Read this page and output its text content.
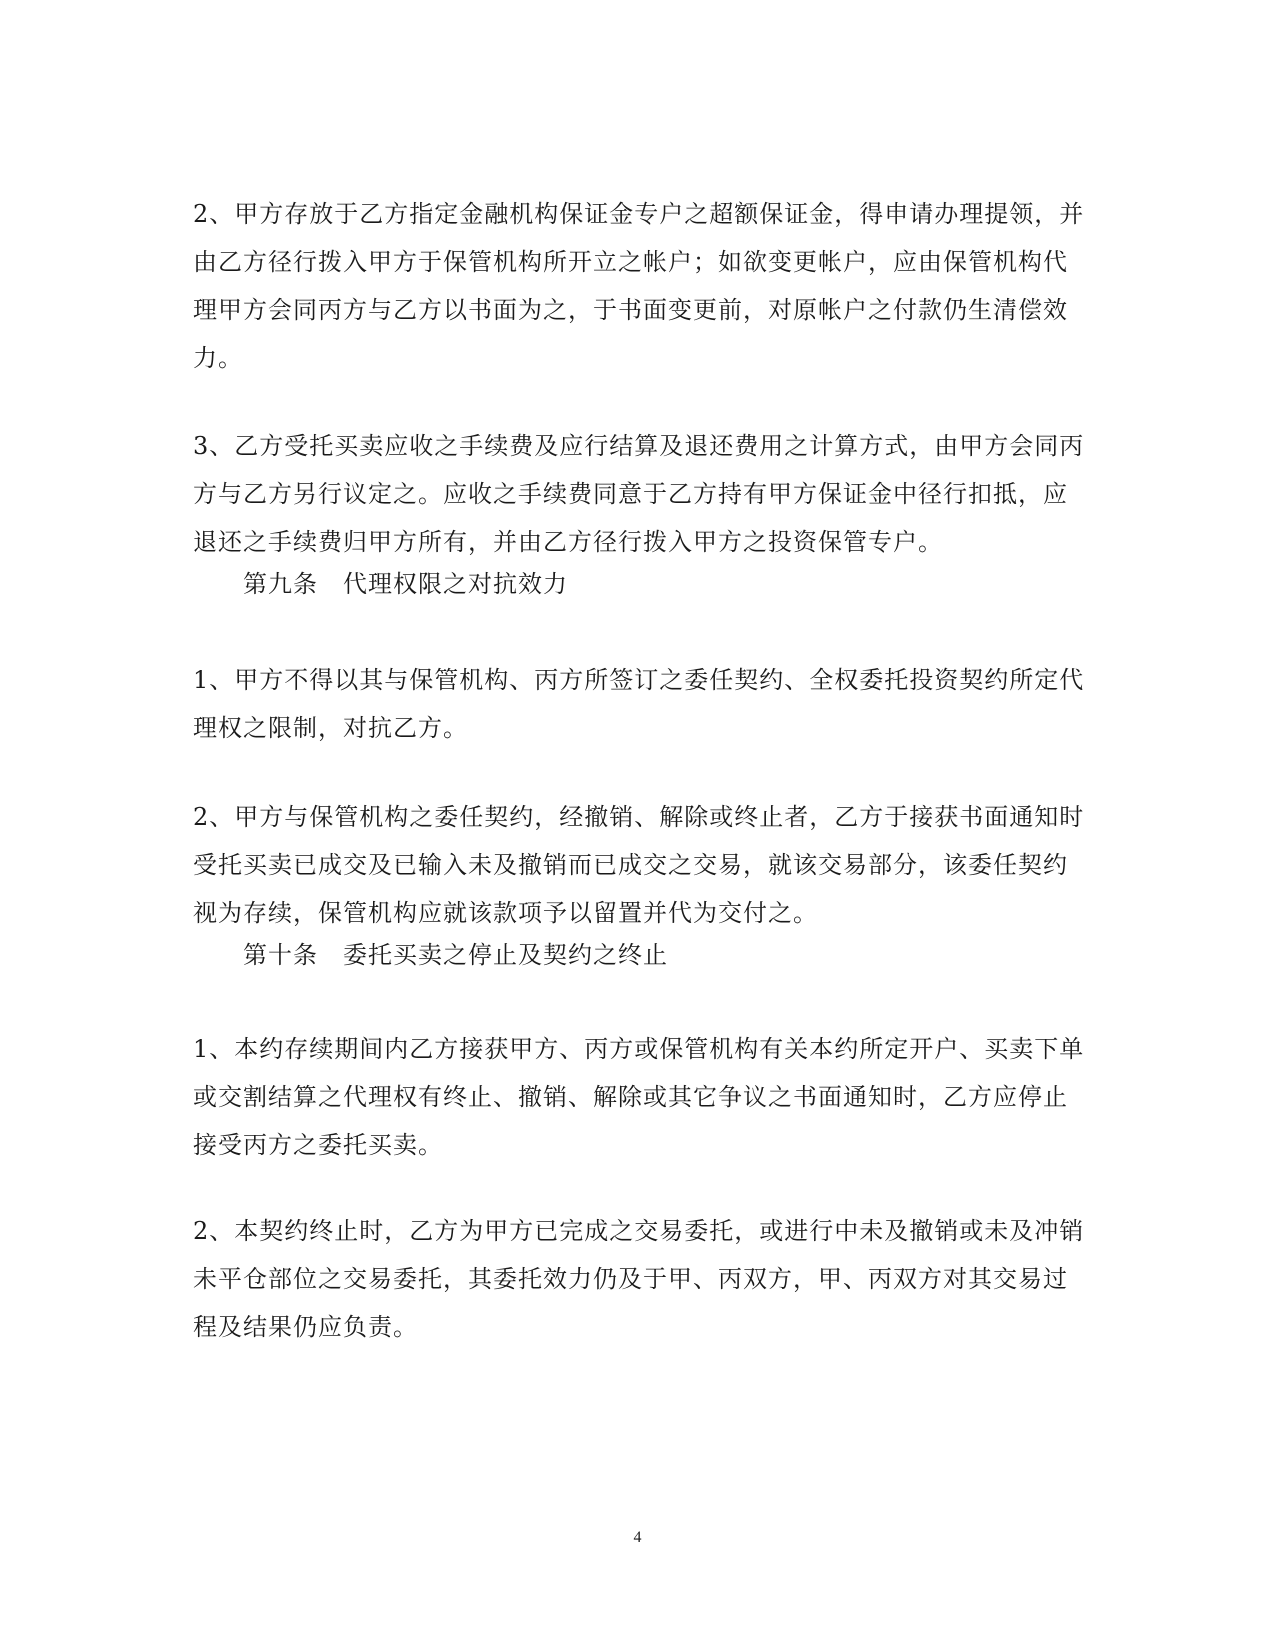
2、甲方存放于乙方指定金融机构保证金专户之超额保证金，得申请办理提领，并
由乙方径行拨入甲方于保管机构所开立之帐户；如欲变更帐户，应由保管机构代
理甲方会同丙方与乙方以书面为之，于书面变更前，对原帐户之付款仍生清偿效
力。
3、乙方受托买卖应收之手续费及应行结算及退还费用之计算方式，由甲方会同丙
方与乙方另行议定之。应收之手续费同意于乙方持有甲方保证金中径行扣抵，应
退还之手续费归甲方所有，并由乙方径行拨入甲方之投资保管专户。
第九条　代理权限之对抗效力
1、甲方不得以其与保管机构、丙方所签订之委任契约、全权委托投资契约所定代
理权之限制，对抗乙方。
2、甲方与保管机构之委任契约，经撤销、解除或终止者，乙方于接获书面通知时
受托买卖已成交及已输入未及撤销而已成交之交易，就该交易部分，该委任契约
视为存续，保管机构应就该款项予以留置并代为交付之。
第十条　委托买卖之停止及契约之终止
1、本约存续期间内乙方接获甲方、丙方或保管机构有关本约所定开户、买卖下单
或交割结算之代理权有终止、撤销、解除或其它争议之书面通知时，乙方应停止
接受丙方之委托买卖。
2、本契约终止时，乙方为甲方已完成之交易委托，或进行中未及撤销或未及冲销
未平仓部位之交易委托，其委托效力仍及于甲、丙双方，甲、丙双方对其交易过
程及结果仍应负责。
4
